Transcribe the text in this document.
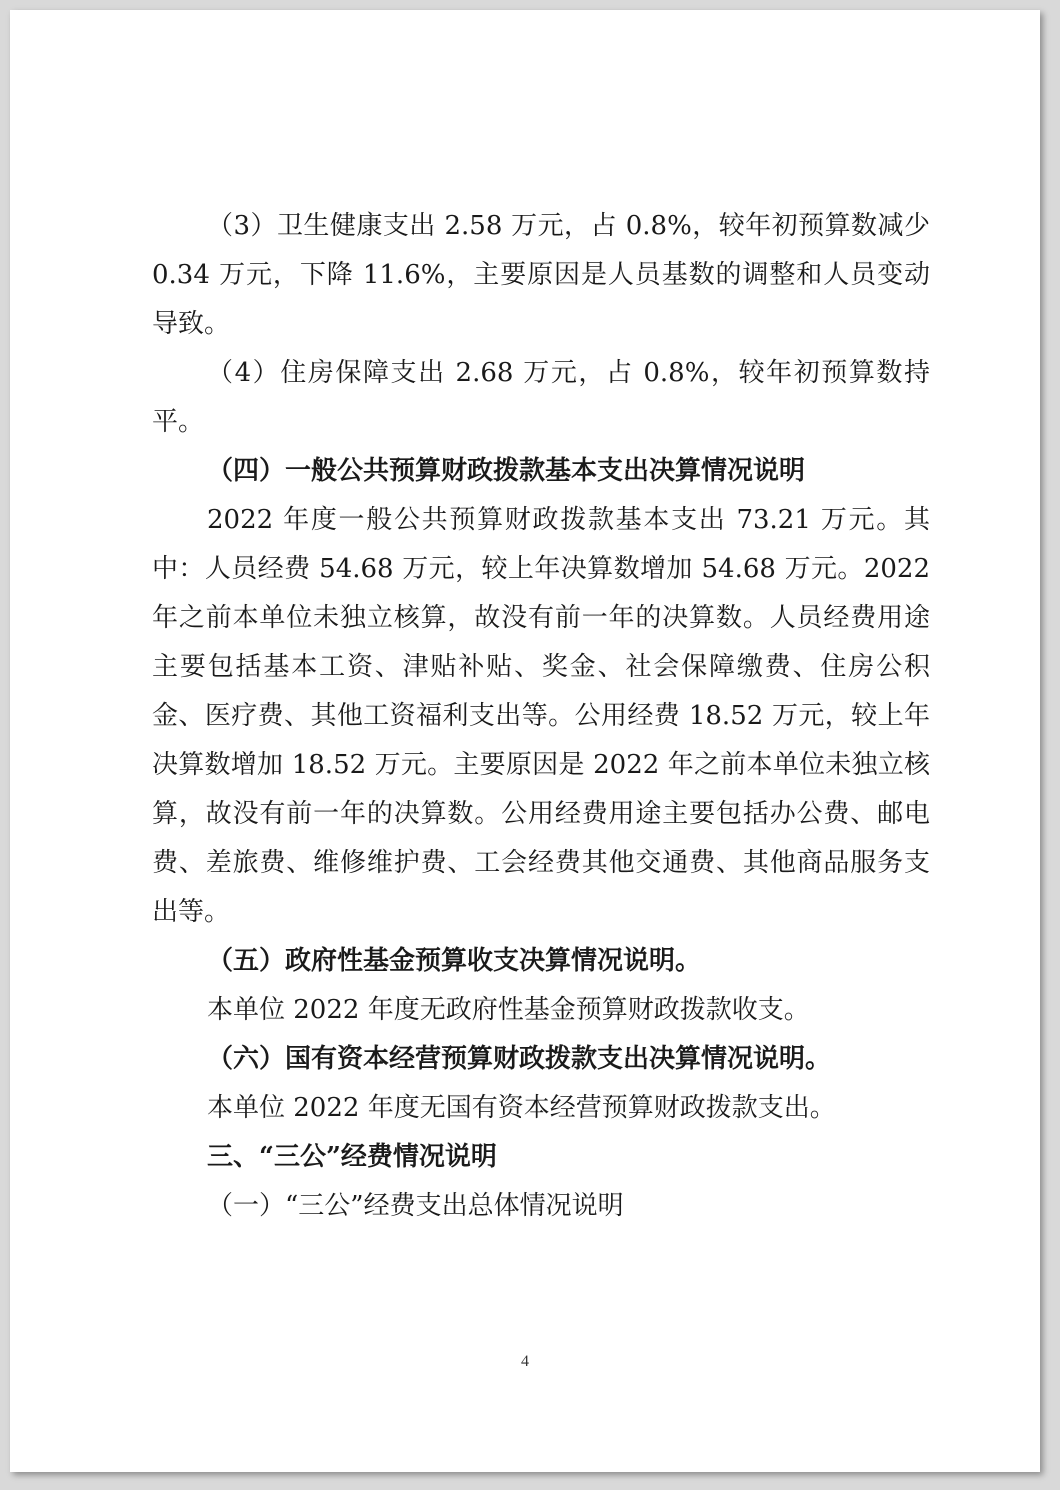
（3）卫生健康支出 2.58 万元，占 0.8%，较年初预算数减少 0.34 万元，下降 11.6%，主要原因是人员基数的调整和人员变动导致。

（4）住房保障支出 2.68 万元，占 0.8%，较年初预算数持平。

（四）一般公共预算财政拨款基本支出决算情况说明

2022 年度一般公共预算财政拨款基本支出 73.21 万元。其中：人员经费 54.68 万元，较上年决算数增加 54.68 万元。2022 年之前本单位未独立核算，故没有前一年的决算数。人员经费用途主要包括基本工资、津贴补贴、奖金、社会保障缴费、住房公积金、医疗费、其他工资福利支出等。公用经费 18.52 万元，较上年决算数增加 18.52 万元。主要原因是 2022 年之前本单位未独立核算，故没有前一年的决算数。公用经费用途主要包括办公费、邮电费、差旅费、维修维护费、工会经费其他交通费、其他商品服务支出等。

（五）政府性基金预算收支决算情况说明。

本单位 2022 年度无政府性基金预算财政拨款收支。

（六）国有资本经营预算财政拨款支出决算情况说明。

本单位 2022 年度无国有资本经营预算财政拨款支出。

三、“三公”经费情况说明

（一）“三公”经费支出总体情况说明

4
